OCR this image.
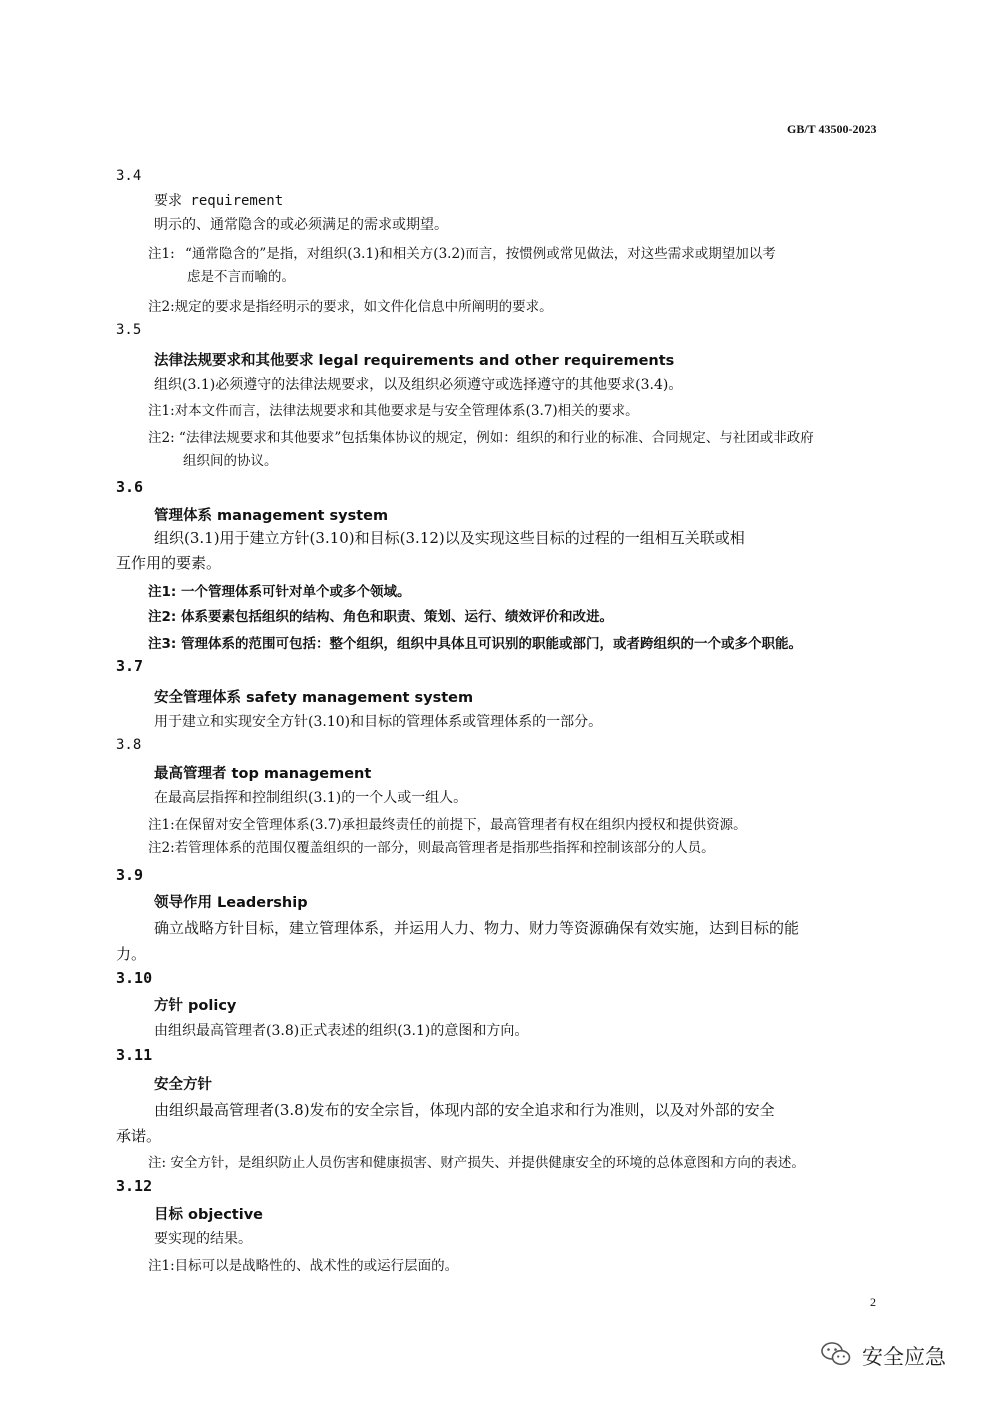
GB/T 43500-2023
3.4
要求 requirement
明示的、通常隐含的或必须满足的需求或期望。
注1: “通常隐含的”是指，对组织(3.1)和相关方(3.2)而言，按惯例或常见做法，对这些需求或期望加以考
虑是不言而喻的。
注2:规定的要求是指经明示的要求，如文件化信息中所阐明的要求。
3.5
法律法规要求和其他要求 legal requirements and other requirements
组织(3.1)必须遵守的法律法规要求，以及组织必须遵守或选择遵守的其他要求(3.4)。
注1:对本文件而言，法律法规要求和其他要求是与安全管理体系(3.7)相关的要求。
注2: “法律法规要求和其他要求”包括集体协议的规定，例如：组织的和行业的标准、合同规定、与社团或非政府
组织间的协议。
3.6
管理体系 management system
组织(3.1)用于建立方针(3.10)和目标(3.12)以及实现这些目标的过程的一组相互关联或相
互作用的要素。
注1: 一个管理体系可针对单个或多个领域。
注2: 体系要素包括组织的结构、角色和职责、策划、运行、绩效评价和改进。
注3: 管理体系的范围可包括：整个组织，组织中具体且可识别的职能或部门，或者跨组织的一个或多个职能。
3.7
安全管理体系 safety management system
用于建立和实现安全方针(3.10)和目标的管理体系或管理体系的一部分。
3.8
最高管理者 top management
在最高层指挥和控制组织(3.1)的一个人或一组人。
注1:在保留对安全管理体系(3.7)承担最终责任的前提下，最高管理者有权在组织内授权和提供资源。
注2:若管理体系的范围仅覆盖组织的一部分，则最高管理者是指那些指挥和控制该部分的人员。
3.9
领导作用 Leadership
确立战略方针目标，建立管理体系，并运用人力、物力、财力等资源确保有效实施，达到目标的能
力。
3.10
方针 policy
由组织最高管理者(3.8)正式表述的组织(3.1)的意图和方向。
3.11
安全方针
由组织最高管理者(3.8)发布的安全宗旨，体现内部的安全追求和行为准则，以及对外部的安全
承诺。
注: 安全方针，是组织防止人员伤害和健康损害、财产损失、并提供健康安全的环境的总体意图和方向的表述。
3.12
目标 objective
要实现的结果。
注1:目标可以是战略性的、战术性的或运行层面的。
2
安全应急
